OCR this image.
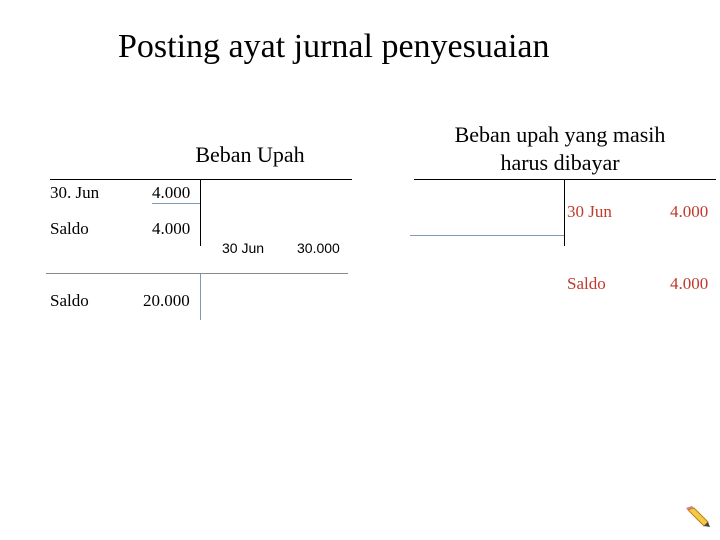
Posting ayat jurnal penyesuaian
Beban Upah
30. Jun	4.000
Saldo	4.000
30 Jun 30.000
Saldo	20.000
Beban upah yang masih
harus dibayar
30 Jun	4.000
Saldo	4.000
